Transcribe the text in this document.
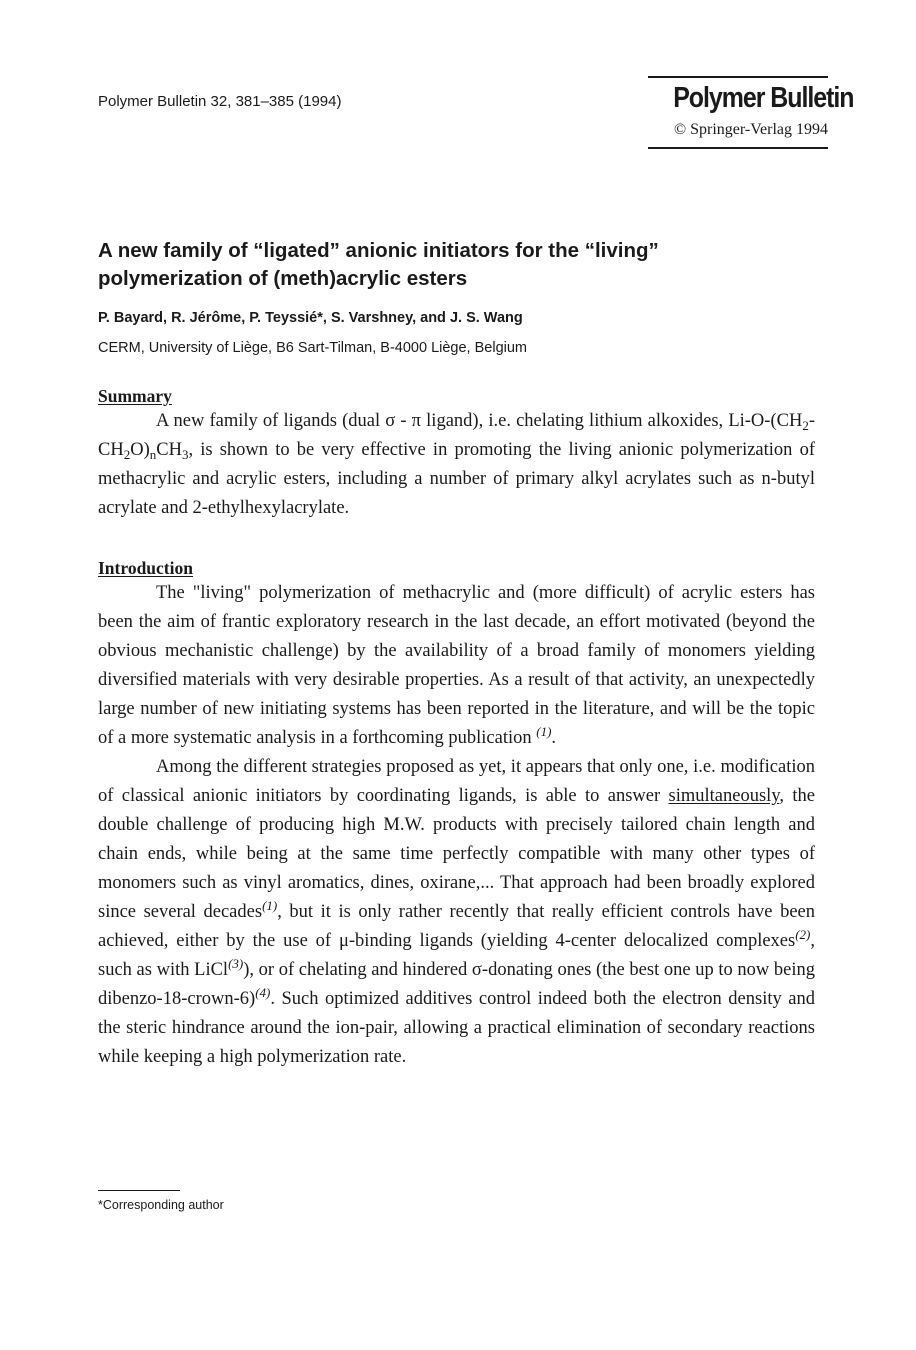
Polymer Bulletin 32, 381–385 (1994)	Polymer Bulletin
© Springer-Verlag 1994
A new family of “ligated” anionic initiators for the “living” polymerization of (meth)acrylic esters
P. Bayard, R. Jérôme, P. Teyssié*, S. Varshney, and J. S. Wang
CERM, University of Liège, B6 Sart-Tilman, B-4000 Liège, Belgium
Summary

A new family of ligands (dual σ - π ligand), i.e. chelating lithium alkoxides, $Li-O-(CH_2-CH_2O)_nCH_3$, is shown to be very effective in promoting the living anionic polymerization of methacrylic and acrylic esters, including a number of primary alkyl acrylates such as n-butyl acrylate and 2-ethylhexylacrylate.

Introduction

The "living" polymerization of methacrylic and (more difficult) of acrylic esters has been the aim of frantic exploratory research in the last decade, an effort motivated (beyond the obvious mechanistic challenge) by the availability of a broad family of monomers yielding diversified materials with very desirable properties. As a result of that activity, an unexpectedly large number of new initiating systems has been reported in the literature, and will be the topic of a more systematic analysis in a forthcoming publication $^{(1)}$.

Among the different strategies proposed as yet, it appears that only one, i.e. modification of classical anionic initiators by coordinating ligands, is able to answer simultaneously, the double challenge of producing high M.W. products with precisely tailored chain length and chain ends, while being at the same time perfectly compatible with many other types of monomers such as vinyl aromatics, dines, oxirane,... That approach had been broadly explored since several decades$^{(1)}$, but it is only rather recently that really efficient controls have been achieved, either by the use of μ-binding ligands (yielding 4-center delocalized complexes$^{(2)}$, such as with LiCl$^{(3)}$), or of chelating and hindered σ-donating ones (the best one up to now being dibenzo-18-crown-6)$^{(4)}$. Such optimized additives control indeed both the electron density and the steric hindrance around the ion-pair, allowing a practical elimination of secondary reactions while keeping a high polymerization rate.

*Corresponding author
